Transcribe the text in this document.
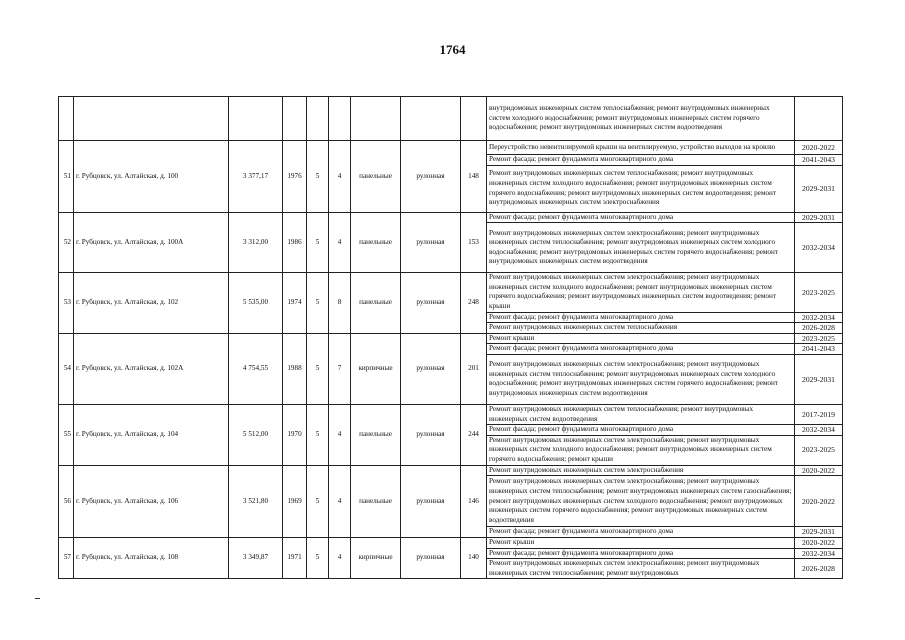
1764
									внутридомовых инженерных систем теплоснабжения; ремонт внутридомовых инженерных систем холодного водоснабжения; ремонт внутридомовых инженерных систем горячего водоснабжения; ремонт внутридомовых инженерных систем водоотведения	
51	г. Рубцовск, ул. Алтайская, д. 100	3 377,17	1976	5	4	панельные	рулонная	148	Переустройство невентилируемой крыши на вентилируемую, устройство выходов на кровлю	2020-2022
									Ремонт фасада; ремонт фундамента многоквартирного дома	2041-2043
									Ремонт внутридомовых инженерных систем теплоснабжения; ремонт внутридомовых инженерных систем холодного водоснабжения; ремонт внутридомовых инженерных систем горячего водоснабжения; ремонт внутридомовых инженерных систем водоотведения; ремонт внутридомовых инженерных систем электроснабжения	2029-2031
52	г. Рубцовск, ул. Алтайская, д. 100А	3 312,00	1986	5	4	панельные	рулонная	153	Ремонт фасада; ремонт фундамента многоквартирного дома	2029-2031
									Ремонт внутридомовых инженерных систем электроснабжения; ремонт внутридомовых инженерных систем теплоснабжения; ремонт внутридомовых инженерных систем холодного водоснабжения; ремонт внутридомовых инженерных систем горячего водоснабжения; ремонт внутридомовых инженерных систем водоотведения	2032-2034
53	г. Рубцовск, ул. Алтайская, д. 102	5 535,00	1974	5	8	панельные	рулонная	248	Ремонт внутридомовых инженерных систем электроснабжения; ремонт внутридомовых инженерных систем холодного водоснабжения; ремонт внутридомовых инженерных систем горячего водоснабжения; ремонт внутридомовых инженерных систем водоотведения; ремонт крыши	2023-2025
									Ремонт фасада; ремонт фундамента многоквартирного дома	2032-2034
									Ремонт внутридомовых инженерных систем теплоснабжения	2026-2028
54	г. Рубцовск, ул. Алтайская, д. 102А	4 754,55	1988	5	7	кирпичные	рулонная	201	Ремонт крыши	2023-2025
									Ремонт фасада; ремонт фундамента многоквартирного дома	2041-2043
									Ремонт внутридомовых инженерных систем электроснабжения; ремонт внутридомовых инженерных систем теплоснабжения; ремонт внутридомовых инженерных систем холодного водоснабжения; ремонт внутридомовых инженерных систем горячего водоснабжения; ремонт внутридомовых инженерных систем водоотведения	2029-2031
55	г. Рубцовск, ул. Алтайская, д. 104	5 512,00	1970	5	4	панельные	рулонная	244	Ремонт внутридомовых инженерных систем теплоснабжения; ремонт внутридомовых инженерных систем водоотведения	2017-2019
									Ремонт фасада; ремонт фундамента многоквартирного дома	2032-2034
									Ремонт внутридомовых инженерных систем электроснабжения; ремонт внутридомовых инженерных систем холодного водоснабжения; ремонт внутридомовых инженерных систем горячего водоснабжения; ремонт крыши	2023-2025
56	г. Рубцовск, ул. Алтайская, д. 106	3 521,80	1969	5	4	панельные	рулонная	146	Ремонт внутридомовых инженерных систем электроснабжения	2020-2022
									Ремонт внутридомовых инженерных систем электроснабжения; ремонт внутридомовых инженерных систем теплоснабжения; ремонт внутридомовых инженерных систем газоснабжения; ремонт внутридомовых инженерных систем холодного водоснабжения; ремонт внутридомовых инженерных систем горячего водоснабжения; ремонт внутридомовых инженерных систем водоотведения	2020-2022
									Ремонт фасада; ремонт фундамента многоквартирного дома	2029-2031
57	г. Рубцовск, ул. Алтайская, д. 108	3 349,87	1971	5	4	кирпичные	рулонная	140	Ремонт крыши	2020-2022
									Ремонт фасада; ремонт фундамента многоквартирного дома	2032-2034
									Ремонт внутридомовых инженерных систем электроснабжения; ремонт внутридомовых инженерных систем теплоснабжения; ремонт внутридомовых	2026-2028
